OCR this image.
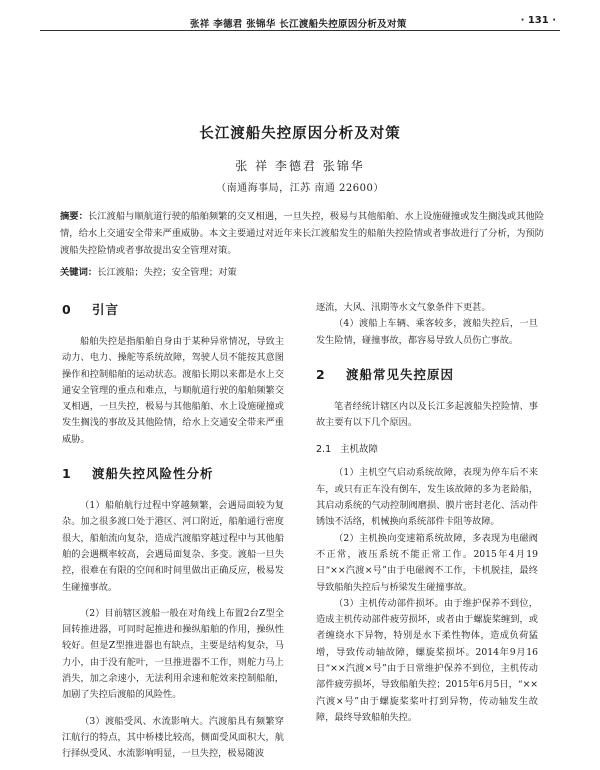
张祥 李德君 张锦华 长江渡船失控原因分析及对策	· 131 ·
长江渡船失控原因分析及对策
张 祥 李德君 张锦华
（南通海事局，江苏 南通 22600）
摘要：长江渡船与顺航道行驶的船舶频繁的交叉相遇，一旦失控，极易与其他船舶、水上设施碰撞或发生搁浅或其他险情，给水上交通安全带来严重威胁。本文主要通过对近年来长江渡船发生的船舶失控险情或者事故进行了分析，为预防渡船失控险情或者事故提出安全管理对策。
关键词：长江渡船；失控；安全管理；对策
0 引言

船舶失控是指船舶自身由于某种异常情况，导致主动力、电力、操舵等系统故障，驾驶人员不能按其意图操作和控制船舶的运动状态。渡船长期以来都是水上交通安全管理的重点和难点，与顺航道行驶的船舶频繁交叉相遇，一旦失控，极易与其他船舶、水上设施碰撞或发生搁浅的事故及其他险情，给水上交通安全带来严重威胁。

1 渡船失控风险性分析

（1）船舶航行过程中穿越频繁，会遇局面较为复杂。加之很多渡口处于港区、河口附近，船舶通行密度很大，船舶流向复杂，造成汽渡船穿越过程中与其他船舶的会遇概率较高，会遇局面复杂、多变。渡船一旦失控，很难在有限的空间和时间里做出正确反应，极易发生碰撞事故。

（2）目前辖区渡船一般在对角线上布置2台Z型全回转推进器，可同时起推进和操纵船舶的作用，操纵性较好。但是Z型推进器也有缺点，主要是结构复杂，马力小，由于没有舵叶，一旦推进器不工作，则舵力马上消失，加之余速小，无法利用余速和舵效来控制船舶，加剧了失控后渡船的风险性。

（3）渡船受风、水流影响大。汽渡船具有频繁穿江航行的特点，其中桥楼比较高，侧面受风面积大，航行择纵受风、水流影响明显，一旦失控，极易随波

逐流，大风、汛期等水文气象条件下更甚。

（4）渡船上车辆、乘客较多，渡船失控后，一旦发生险情，碰撞事故，都容易导致人员伤亡事故。

2 渡船常见失控原因

笔者经统计辖区内以及长江多起渡船失控险情、事故主要有以下几个原因。

2.1 主机故障

（1）主机空气启动系统故障，表现为停车后不来车，或只有正车没有倒车，发生该故障的多为老龄船，其启动系统的气动控制阀磨损、膜片密封老化、活动件锈蚀不活络，机械换向系统部件卡阻等故障。

（2）主机换向变速箱系统故障，多表现为电磁阀不正常，液压系统不能正常工作。2015年4月19日“××汽渡×号”由于电磁阀不工作，卡机脱挂，最终导致船舶失控后与桥梁发生碰撞事故。

（3）主机传动部件损坏。由于维护保养不到位，造成主机传动部件疲劳损坏，或者由于螺旋桨缠到，或者缠绕水下异物，特别是水下柔性物体，造成负荷猛增，导致传动轴故障，螺旋桨损坏。2014年9月16日“××汽渡×号”由于日常维护保养不到位，主机传动部件疲劳损坏，导致船舶失控；2015年6月5日，“××汽渡×号”由于螺旋桨桨叶打到异物，传动轴发生故障，最终导致船舶失控。
